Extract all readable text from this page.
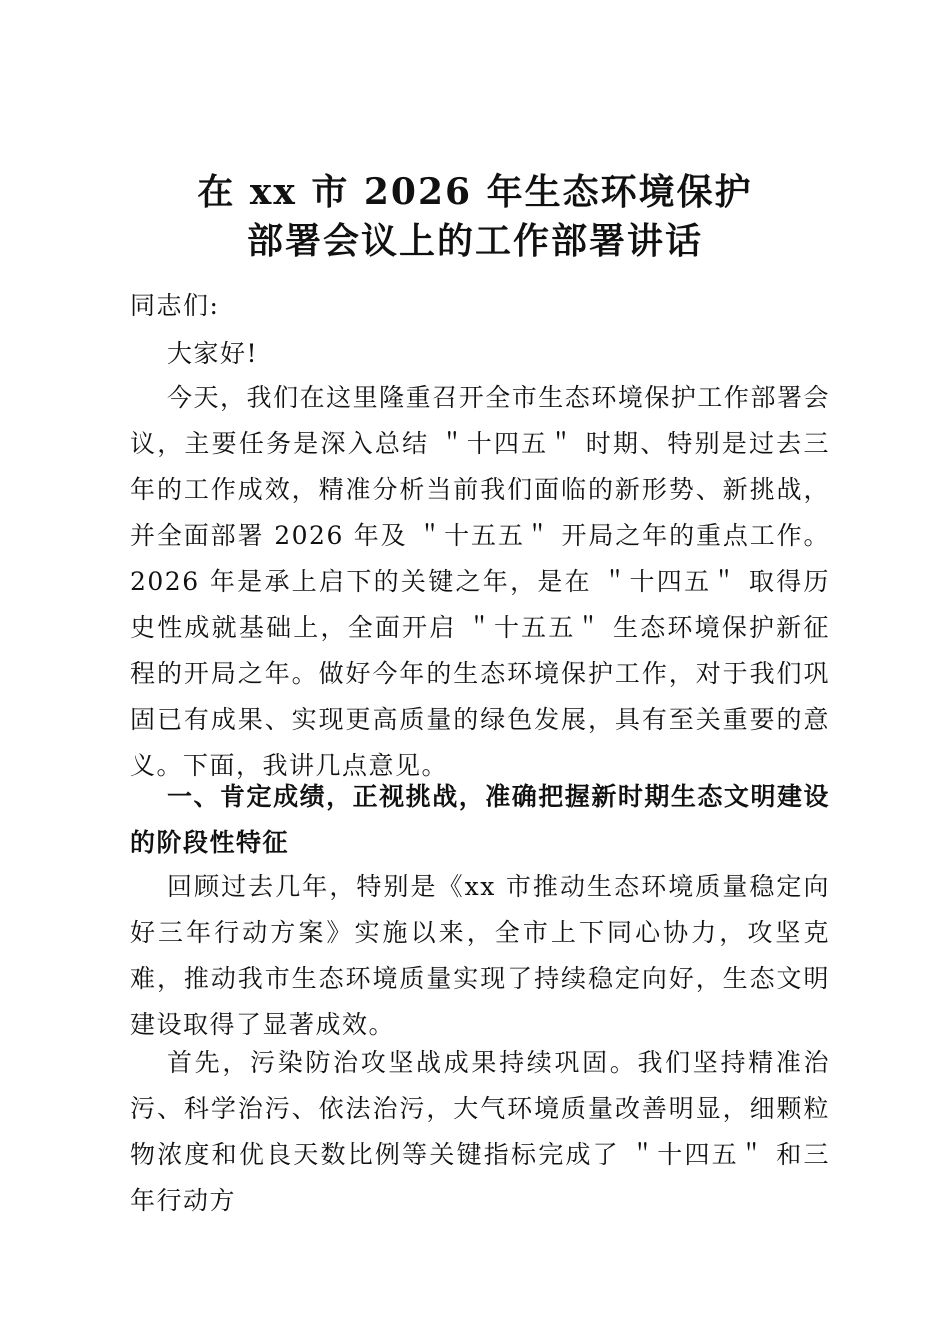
在 xx 市 2026 年生态环境保护
部署会议上的工作部署讲话

同志们:

大家好!

今天，我们在这里隆重召开全市生态环境保护工作部署会议，主要任务是深入总结 ＂十四五＂ 时期、特别是过去三年的工作成效，精准分析当前我们面临的新形势、新挑战，并全面部署 2026 年及 ＂十五五＂ 开局之年的重点工作。2026 年是承上启下的关键之年，是在 ＂十四五＂ 取得历史性成就基础上，全面开启 ＂十五五＂ 生态环境保护新征程的开局之年。做好今年的生态环境保护工作，对于我们巩固已有成果、实现更高质量的绿色发展，具有至关重要的意义。下面，我讲几点意见。

一、肯定成绩，正视挑战，准确把握新时期生态文明建设的阶段性特征

回顾过去几年，特别是《xx 市推动生态环境质量稳定向好三年行动方案》实施以来，全市上下同心协力，攻坚克难，推动我市生态环境质量实现了持续稳定向好，生态文明建设取得了显著成效。

首先，污染防治攻坚战成果持续巩固。我们坚持精准治污、科学治污、依法治污，大气环境质量改善明显，细颗粒物浓度和优良天数比例等关键指标完成了 ＂十四五＂ 和三年行动方
